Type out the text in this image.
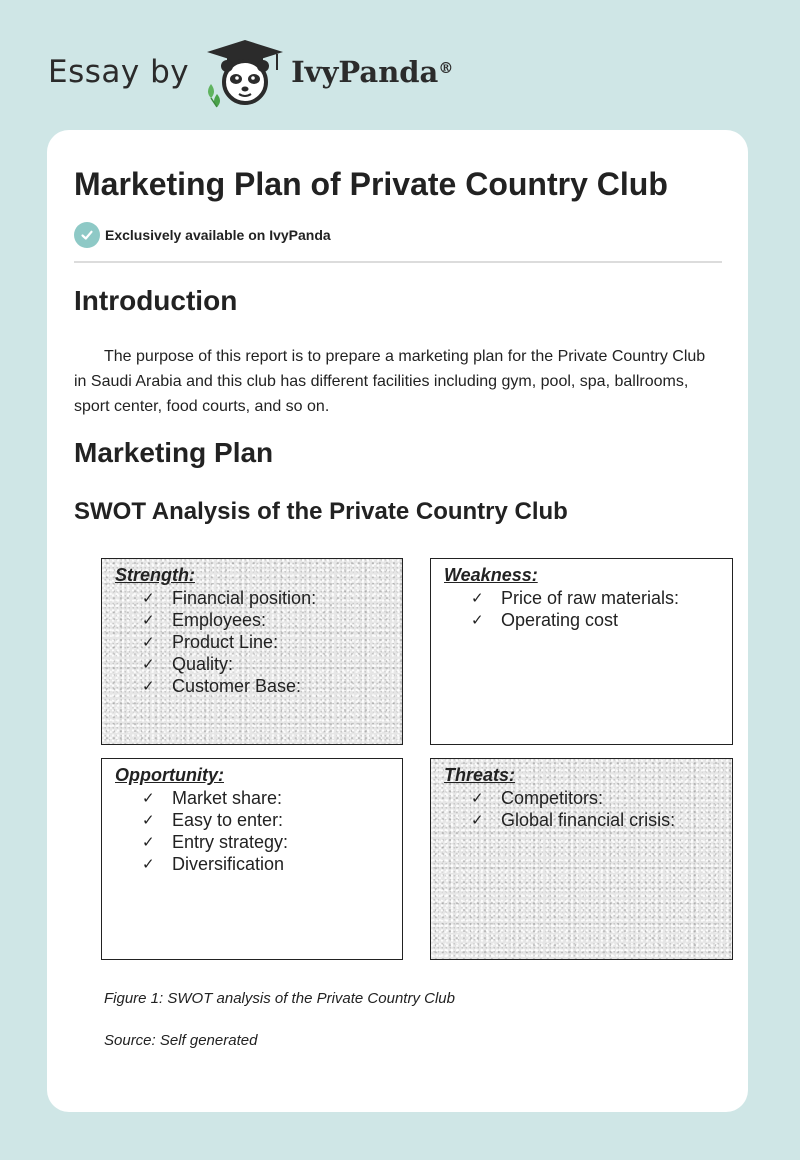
Essay by	IvyPanda®
Marketing Plan of Private Country Club
Exclusively available on IvyPanda
Introduction

The purpose of this report is to prepare a marketing plan for the Private Country Club in Saudi Arabia and this club has different facilities including gym, pool, spa, ballrooms, sport center, food courts, and so on.

Marketing Plan
SWOT Analysis of the Private Country Club
Strength:
✓ Financial position:
✓ Employees:
✓ Product Line:
✓ Quality:
✓ Customer Base:
Weakness:
✓ Price of raw materials:
✓ Operating cost
Opportunity:
✓ Market share:
✓ Easy to enter:
✓ Entry strategy:
✓ Diversification
Threats:
✓ Competitors:
✓ Global financial crisis:

Figure 1: SWOT analysis of the Private Country Club

Source: Self generated
